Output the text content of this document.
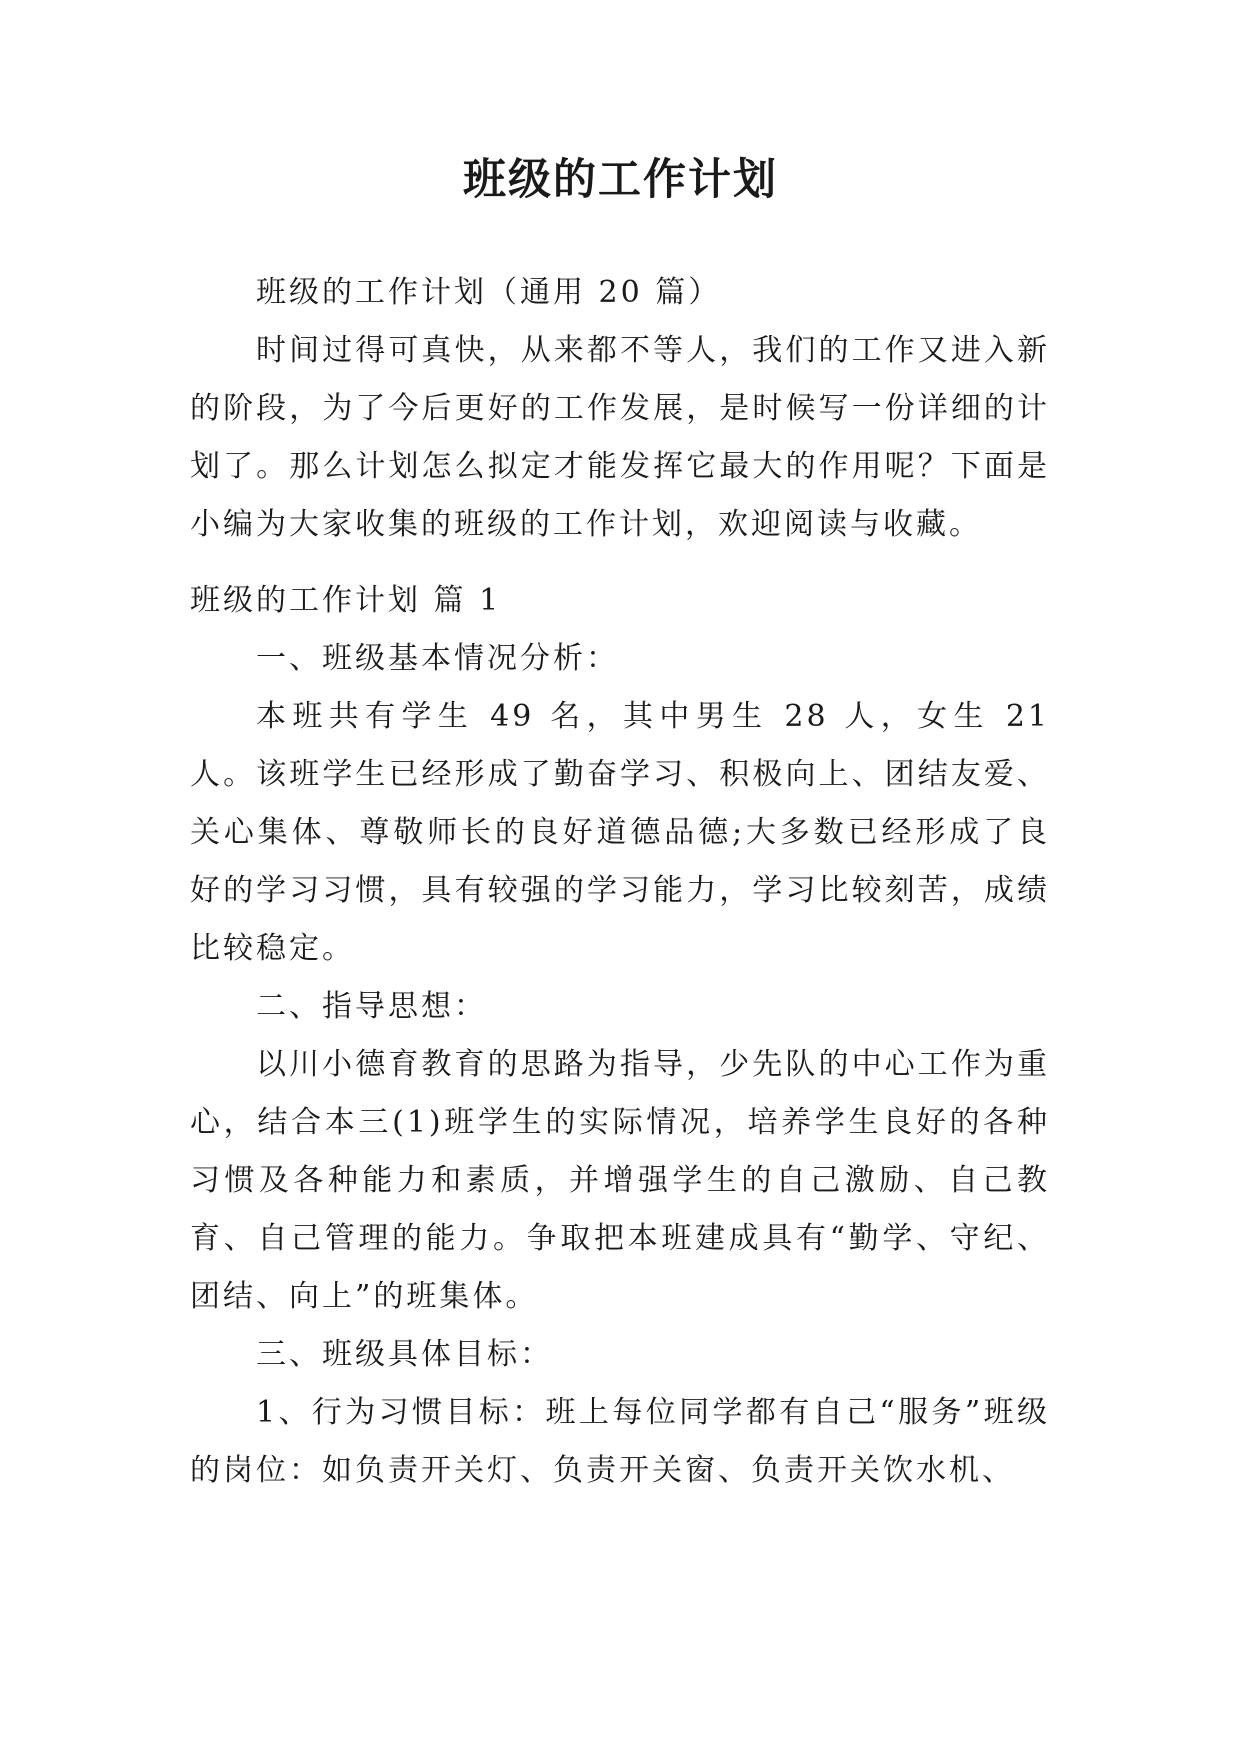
班级的工作计划

班级的工作计划（通用 20 篇）

时间过得可真快，从来都不等人，我们的工作又进入新的阶段，为了今后更好的工作发展，是时候写一份详细的计划了。那么计划怎么拟定才能发挥它最大的作用呢？下面是小编为大家收集的班级的工作计划，欢迎阅读与收藏。

班级的工作计划 篇 1

一、班级基本情况分析：

本班共有学生 49 名，其中男生 28 人，女生 21 人。该班学生已经形成了勤奋学习、积极向上、团结友爱、关心集体、尊敬师长的良好道德品德;大多数已经形成了良好的学习习惯，具有较强的学习能力，学习比较刻苦，成绩比较稳定。

二、指导思想：

以川小德育教育的思路为指导，少先队的中心工作为重心，结合本三(1)班学生的实际情况，培养学生良好的各种习惯及各种能力和素质，并增强学生的自己激励、自己教育、自己管理的能力。争取把本班建成具有“勤学、守纪、团结、向上”的班集体。

三、班级具体目标：

1、行为习惯目标：班上每位同学都有自己“服务”班级的岗位：如负责开关灯、负责开关窗、负责开关饮水机、
